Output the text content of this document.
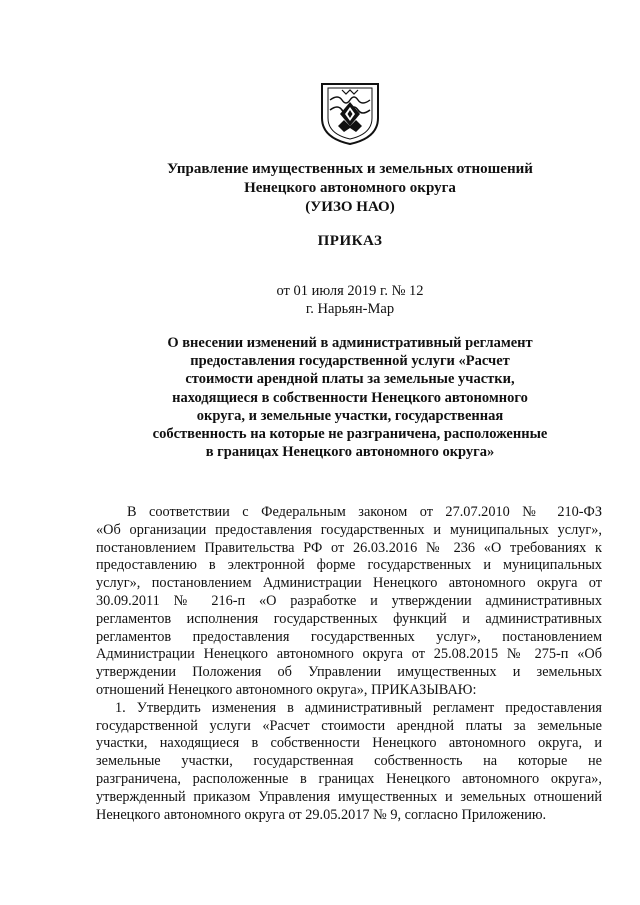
Управление имущественных и земельных отношений
Ненецкого автономного округа
(УИЗО НАО)
ПРИКАЗ
от 01 июля 2019 г. № 12
г. Нарьян-Мар
О внесении изменений в административный регламент
предоставления государственной услуги «Расчет
стоимости арендной платы за земельные участки,
находящиеся в собственности Ненецкого автономного
округа, и земельные участки, государственная
собственность на которые не разграничена, расположенные
в границах Ненецкого автономного округа»
В соответствии с Федеральным законом от 27.07.2010 № 210-ФЗ
«Об организации предоставления государственных и муниципальных услуг»,
постановлением Правительства РФ от 26.03.2016 № 236 «О требованиях к
предоставлению в электронной форме государственных и муниципальных
услуг», постановлением Администрации Ненецкого автономного округа от
30.09.2011 № 216-п «О разработке и утверждении административных
регламентов исполнения государственных функций и административных
регламентов предоставления государственных услуг», постановлением
Администрации Ненецкого автономного округа от 25.08.2015 № 275-п «Об
утверждении Положения об Управлении имущественных и земельных
отношений Ненецкого автономного округа», ПРИКАЗЫВАЮ:
1. Утвердить изменения в административный регламент предоставления
государственной услуги «Расчет стоимости арендной платы за земельные
участки, находящиеся в собственности Ненецкого автономного округа, и
земельные участки, государственная собственность на которые не
разграничена, расположенные в границах Ненецкого автономного округа»,
утвержденный приказом Управления имущественных и земельных отношений
Ненецкого автономного округа от 29.05.2017 № 9, согласно Приложению.
